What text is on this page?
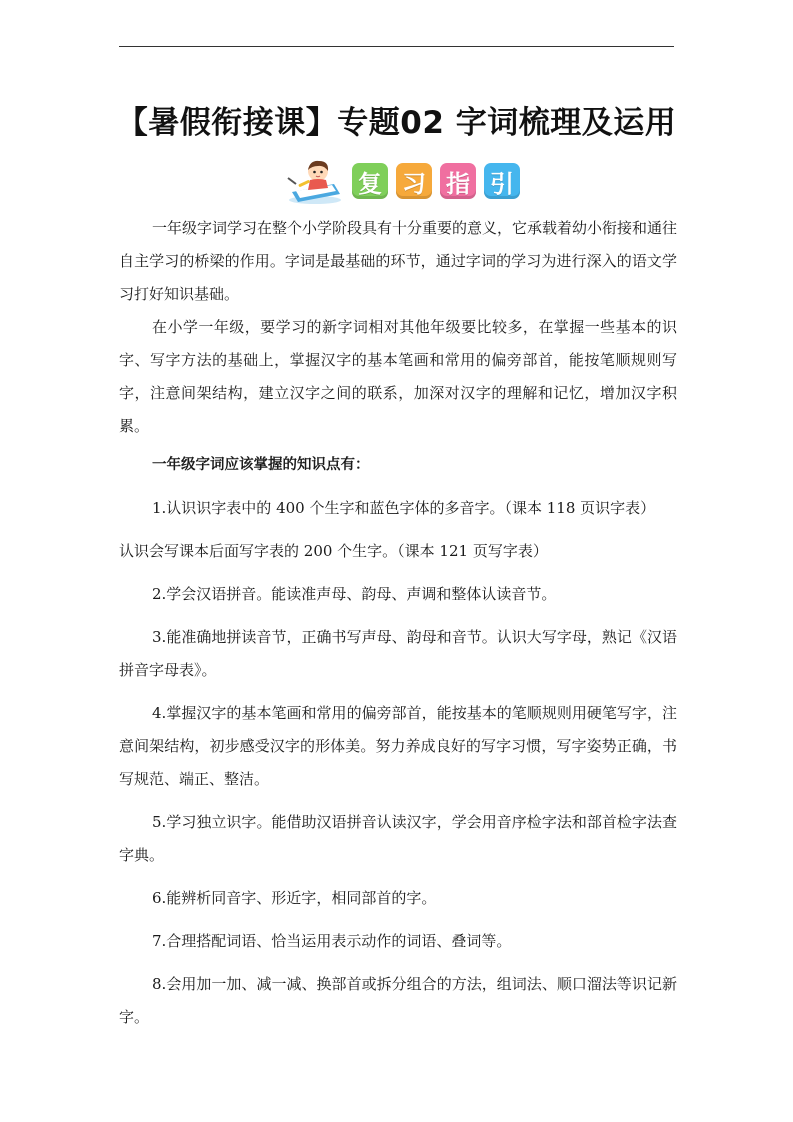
【暑假衔接课】专题02 字词梳理及运用
复 习 指 引

一年级字词学习在整个小学阶段具有十分重要的意义，它承载着幼小衔接和通往自主学习的桥梁的作用。字词是最基础的环节，通过字词的学习为进行深入的语文学习打好知识基础。

在小学一年级，要学习的新字词相对其他年级要比较多，在掌握一些基本的识字、写字方法的基础上，掌握汉字的基本笔画和常用的偏旁部首，能按笔顺规则写字，注意间架结构，建立汉字之间的联系，加深对汉字的理解和记忆，增加汉字积累。

一年级字词应该掌握的知识点有：

1.认识识字表中的 400 个生字和蓝色字体的多音字。（课本 118 页识字表）

认识会写课本后面写字表的 200 个生字。（课本 121 页写字表）

2.学会汉语拼音。能读准声母、韵母、声调和整体认读音节。

3.能准确地拼读音节，正确书写声母、韵母和音节。认识大写字母，熟记《汉语拼音字母表》。

4.掌握汉字的基本笔画和常用的偏旁部首，能按基本的笔顺规则用硬笔写字，注意间架结构，初步感受汉字的形体美。努力养成良好的写字习惯，写字姿势正确，书写规范、端正、整洁。

5.学习独立识字。能借助汉语拼音认读汉字，学会用音序检字法和部首检字法查字典。

6.能辨析同音字、形近字，相同部首的字。

7.合理搭配词语、恰当运用表示动作的词语、叠词等。

8.会用加一加、减一减、换部首或拆分组合的方法，组词法、顺口溜法等识记新字。
